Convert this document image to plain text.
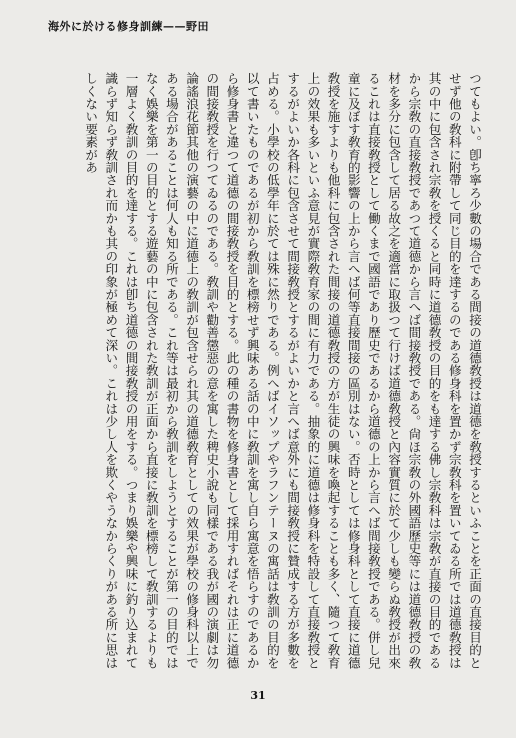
海外に於ける修身訓練——野田

つてもよい。卽ち寧ろ少數の場合である間接の道德敎授は道德を敎授するといふことを正面の直接目的とせず他の敎科に附帶して同じ目的を達するのである修身科を置かず宗敎科を置いてゐる所では道德敎授は其の中に包含され宗敎を授くると同時に道德敎授の目的をも達する佛し宗敎科は宗敎が直接の目的であるから宗敎の直接敎授であつて道德から言へば間接敎授である。尙ほ宗敎の外國語歷史等には道德敎授の敎材を多分に包含して居る故之を適當に取扱つて行けば道德敎授と內容實質に於て少しも變らぬ敎授が出來るこれは直接敎授として働くまで國語であり歷史であるから道德の上から言へば間接敎授である。併し兒童に及ぼす敎育的影響の上から言へば何等直接間接の區別はない。否時としては修身科として直接に道德敎授を施すよりも他科に包含された間接の道德敎授の方が生徒の興味を喚起することも多く、隨つて敎育上の效果も多いといふ意見が實際敎育家の間に有力である。抽象的に道德は修身科を特設して直接敎授とするがよいか各科に包含させて間接敎授とするがよいかと言へば意外にも間接敎授に贊成する方が多數を占める。小學校の低學年に於ては殊に然りである。例へばイソップやラフンテーヌの寓話は敎訓の目的を以て書いたものであるが初から敎訓を標榜せず興味ある話の中に敎訓を寓し自ら寓意を悟らすのであるから修身書と違つて道德の間接敎授を目的とする。此の種の書物を修身書として採用すればそれは正に道德の間接敎授を行つてゐるのである。敎訓や勸善懲惡の意を寓した稗史小說も同樣である我が國の演劇は勿論謠浪花節其他の演藝の中に道德上の敎訓が包含せられ其の道德敎育としての效果が學校の修身科以上である場合があることは何人も知る所である。これ等は最初から敎訓をしようとすることが第一の目的ではなく娛樂を第一の目的とする遊藝の中に包含された敎訓が正面から直接に敎訓を標榜して敎訓するよりも一層よく敎訓の目的を達する。これは卽ち道德の間接敎授の用をする。つまり娛樂や興味に釣り込まれて識らず知らず敎訓され而かも其の印象が極めて深い。これは少し人を欺くやうなからくりがある所に思はしくない要素があ

31
